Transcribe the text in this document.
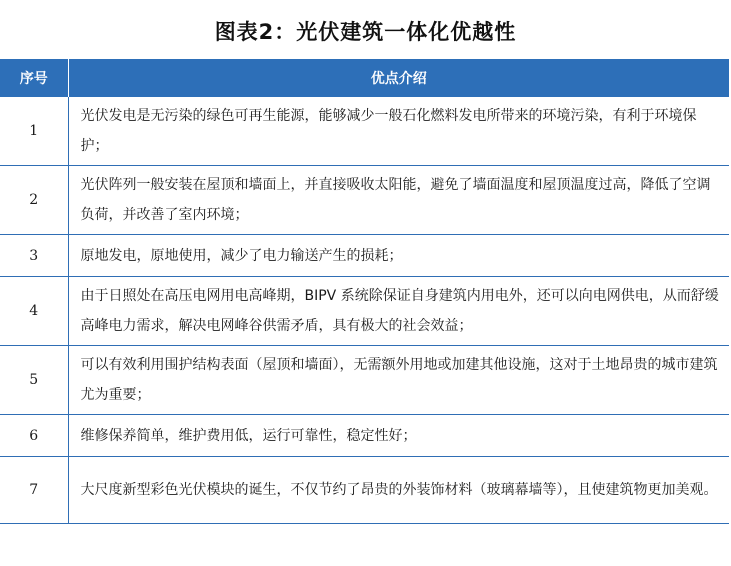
图表2：光伏建筑一体化优越性
序号	优点介绍
1	光伏发电是无污染的绿色可再生能源，能够减少一般石化燃料发电所带来的环境污染，有利于环境保护；
2	光伏阵列一般安装在屋顶和墙面上，并直接吸收太阳能，避免了墙面温度和屋顶温度过高，降低了空调负荷，并改善了室内环境；
3	原地发电，原地使用，减少了电力输送产生的损耗；
4	由于日照处在高压电网用电高峰期，BIPV 系统除保证自身建筑内用电外，还可以向电网供电，从而舒缓高峰电力需求，解决电网峰谷供需矛盾，具有极大的社会效益；
5	可以有效利用围护结构表面（屋顶和墙面），无需额外用地或加建其他设施，这对于土地昂贵的城市建筑尤为重要；
6	维修保养简单，维护费用低，运行可靠性，稳定性好；
7	大尺度新型彩色光伏模块的诞生，不仅节约了昂贵的外装饰材料（玻璃幕墙等），且使建筑物更加美观。
